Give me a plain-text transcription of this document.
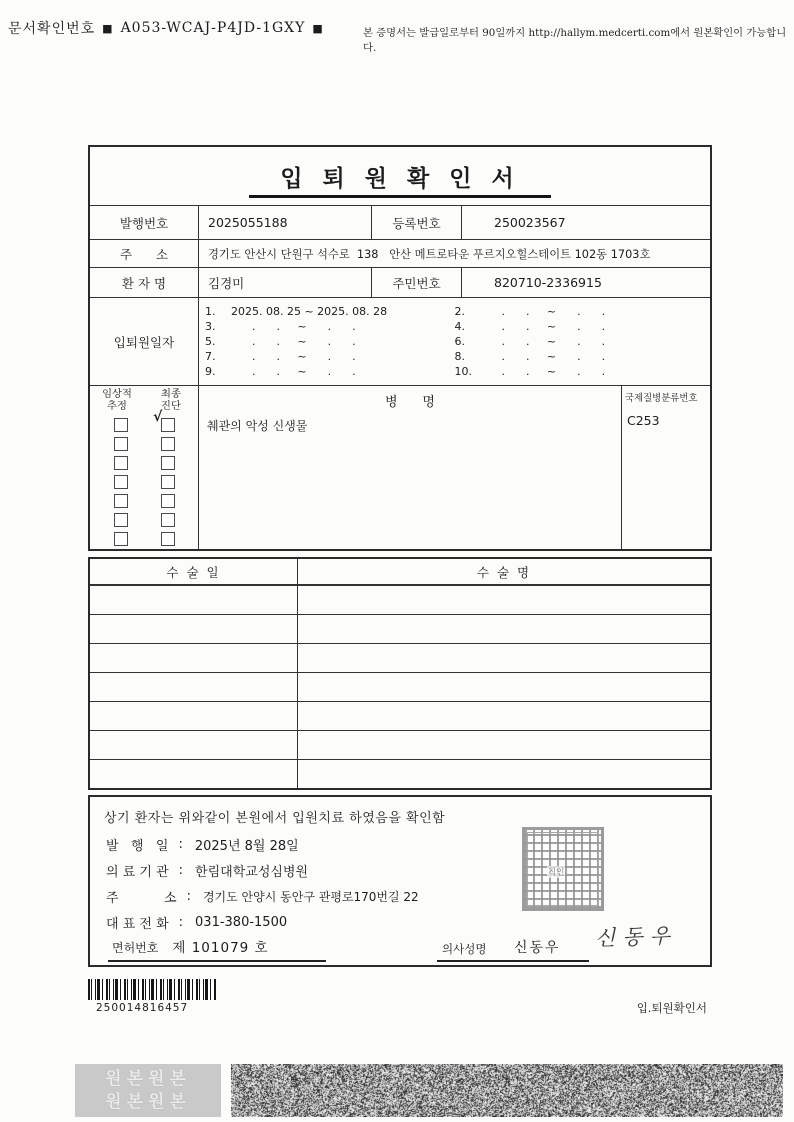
문서확인번호 ■ A053-WCAJ-P4JD-1GXY ■	본 증명서는 발급일로부터 90일까지 http://hallym.medcerti.com에서 원본확인이 가능합니다.
입 퇴 원 확 인 서
발행번호	2025055188	등록번호	250023567
주      소	경기도 안산시 단원구 석수로  138   안산 메트로타운 푸르지오힐스테이트 102동 1703호
환 자 명	김경미	주민번호	820710-2336915
입퇴원일자
1.	2025. 08. 25 ~ 2025. 08. 28	2.	.      .     ~      .      .
3.	.      .     ~      .      .	4.	.      .     ~      .      .
5.	.      .     ~      .      .	6.	.      .     ~      .      .
7.	.      .     ~      .      .	8.	.      .     ~      .      .
9.	.      .     ~      .      .	10. .      .     ~      .      .
임상적
추정
최종
진단
√
병      명
췌관의 악성 신생물
국제질병분류번호
C253
수 술 일	수 술 명
상기 환자는 위와같이 본원에서 입원치료 하였음을 확인함
발   행   일 : 2025년 8월 28일
의 료 기 관 : 한림대학교성심병원
주           소 : 경기도 안양시 동안구 관평로170번길 22
대 표 전 화 : 031-380-1500
직인
면허번호 제 101079 호	의사성명 신동우 신동우
250014816457	입.퇴원확인서
원본원본
원본원본
